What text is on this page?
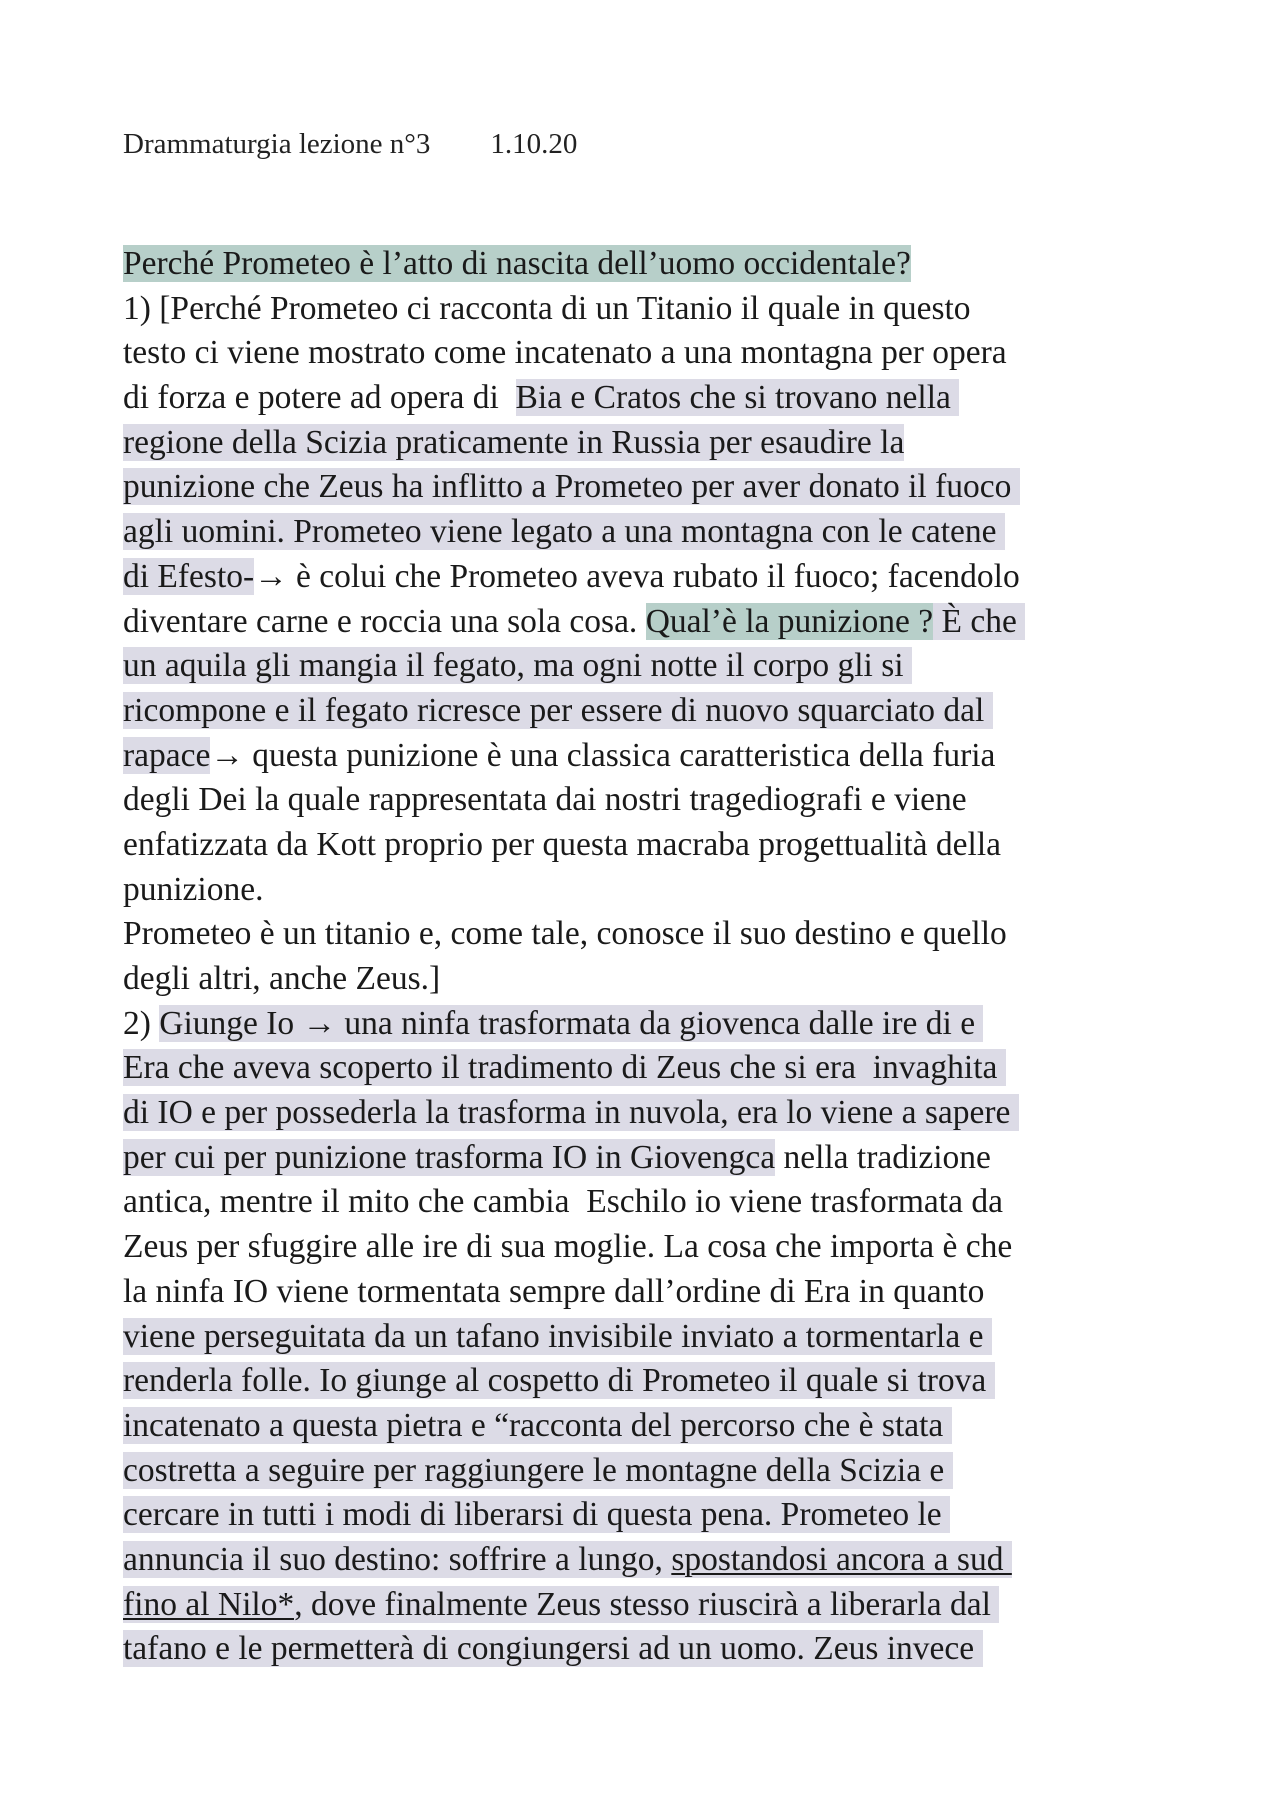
Drammaturgia lezione n°3 1.10.20
Perché Prometeo è l’atto di nascita dell’uomo occidentale?
1) [Perché Prometeo ci racconta di un Titanio il quale in questo
testo ci viene mostrato come incatenato a una montagna per opera
di forza e potere ad opera di  Bia e Cratos che si trovano nella
regione della Scizia praticamente in Russia per esaudire la
punizione che Zeus ha inflitto a Prometeo per aver donato il fuoco
agli uomini. Prometeo viene legato a una montagna con le catene
di Efesto-→ è colui che Prometeo aveva rubato il fuoco; facendolo
diventare carne e roccia una sola cosa. Qual’è la punizione ? È che
un aquila gli mangia il fegato, ma ogni notte il corpo gli si
ricompone e il fegato ricresce per essere di nuovo squarciato dal
rapace→ questa punizione è una classica caratteristica della furia
degli Dei la quale rappresentata dai nostri tragediografi e viene
enfatizzata da Kott proprio per questa macraba progettualità della
punizione.
Prometeo è un titanio e, come tale, conosce il suo destino e quello
degli altri, anche Zeus.]
2) Giunge Io → una ninfa trasformata da giovenca dalle ire di e
Era che aveva scoperto il tradimento di Zeus che si era  invaghita
di IO e per possederla la trasforma in nuvola, era lo viene a sapere
per cui per punizione trasforma IO in Giovengca nella tradizione
antica, mentre il mito che cambia  Eschilo io viene trasformata da
Zeus per sfuggire alle ire di sua moglie. La cosa che importa è che
la ninfa IO viene tormentata sempre dall’ordine di Era in quanto
viene perseguitata da un tafano invisibile inviato a tormentarla e
renderla folle. Io giunge al cospetto di Prometeo il quale si trova
incatenato a questa pietra e “racconta del percorso che è stata
costretta a seguire per raggiungere le montagne della Scizia e
cercare in tutti i modi di liberarsi di questa pena. Prometeo le
annuncia il suo destino: soffrire a lungo, spostandosi ancora a sud
fino al Nilo*, dove finalmente Zeus stesso riuscirà a liberarla dal
tafano e le permetterà di congiungersi ad un uomo. Zeus invece
